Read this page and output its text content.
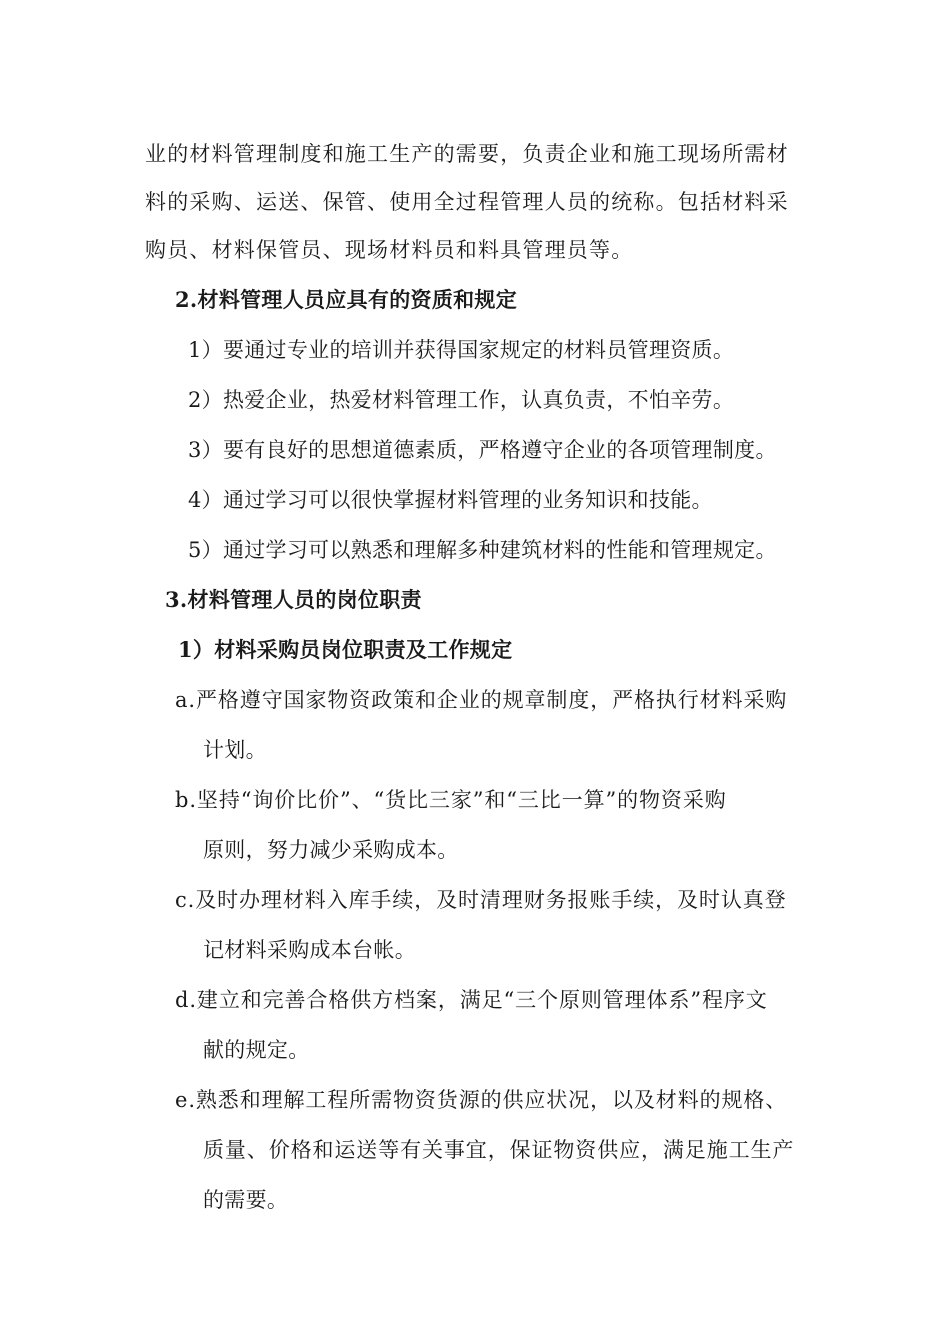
业的材料管理制度和施工生产的需要，负责企业和施工现场所需材
料的采购、运送、保管、使用全过程管理人员的统称。包括材料采
购员、材料保管员、现场材料员和料具管理员等。
2.材料管理人员应具有的资质和规定
1）要通过专业的培训并获得国家规定的材料员管理资质。
2）热爱企业，热爱材料管理工作，认真负责，不怕辛劳。
3）要有良好的思想道德素质，严格遵守企业的各项管理制度。
4）通过学习可以很快掌握材料管理的业务知识和技能。
5）通过学习可以熟悉和理解多种建筑材料的性能和管理规定。
3.材料管理人员的岗位职责
1）材料采购员岗位职责及工作规定
a.严格遵守国家物资政策和企业的规章制度，严格执行材料采购
计划。
b.坚持“询价比价”、“货比三家”和“三比一算”的物资采购
原则，努力减少采购成本。
c.及时办理材料入库手续，及时清理财务报账手续，及时认真登
记材料采购成本台帐。
d.建立和完善合格供方档案，满足“三个原则管理体系”程序文
献的规定。
e.熟悉和理解工程所需物资货源的供应状况，以及材料的规格、
质量、价格和运送等有关事宜，保证物资供应，满足施工生产
的需要。
